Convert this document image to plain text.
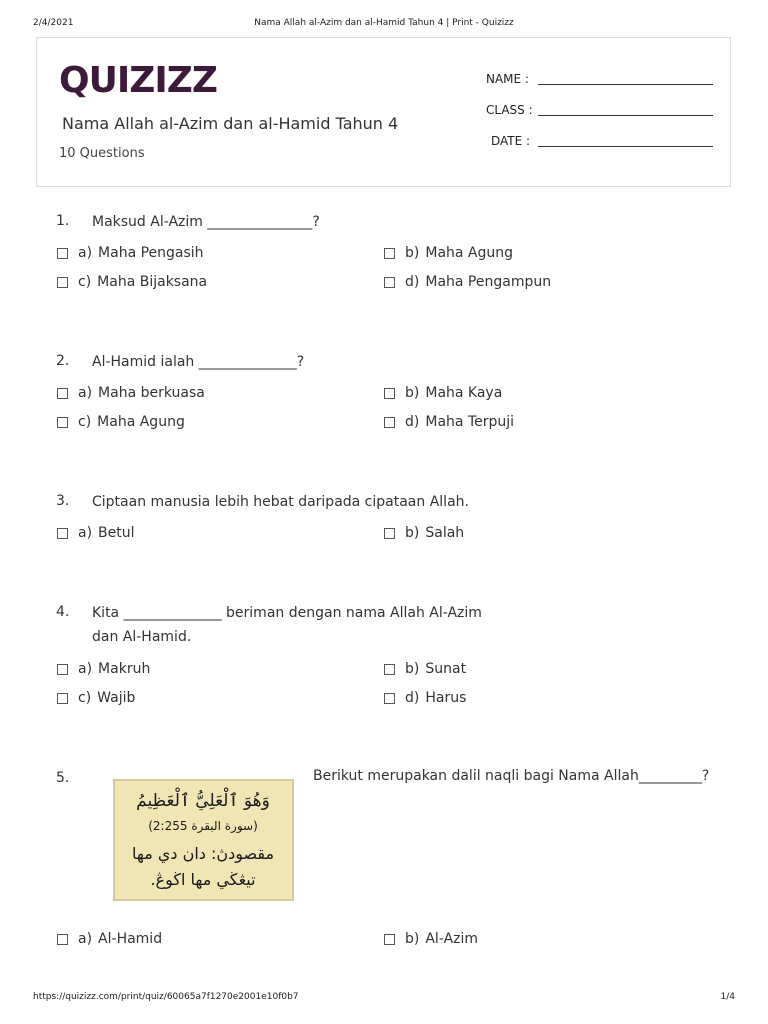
2/4/2021	Nama Allah al-Azim dan al-Hamid Tahun 4 | Print - Quizizz
QUIZIZZ
Nama Allah al-Azim dan al-Hamid Tahun 4
10 Questions
NAME :
CLASS :
DATE :
1. Maksud Al-Azim _______________?
a) Maha Pengasih	b) Maha Agung
c) Maha Bijaksana	d) Maha Pengampun
2. Al-Hamid ialah ______________?
a) Maha berkuasa	b) Maha Kaya
c) Maha Agung	d) Maha Terpuji
3. Ciptaan manusia lebih hebat daripada cipataan Allah.
a) Betul	b) Salah
4. Kita ______________ beriman dengan nama Allah Al-Azim
dan Al-Hamid.
a) Makruh	b) Sunat
c) Wajib	d) Harus
5.
وَهُوَ ٱلْعَلِيُّ ٱلْعَظِيمُ
(سورة البقرة 2:255)
مقصودڽ: دان دي مها
تيڠڬي مها اڬوڠ.
Berikut merupakan dalil naqli bagi Nama Allah_________?
a) Al-Hamid	b) Al-Azim
https://quizizz.com/print/quiz/60065a7f1270e2001e10f0b7	1/4
